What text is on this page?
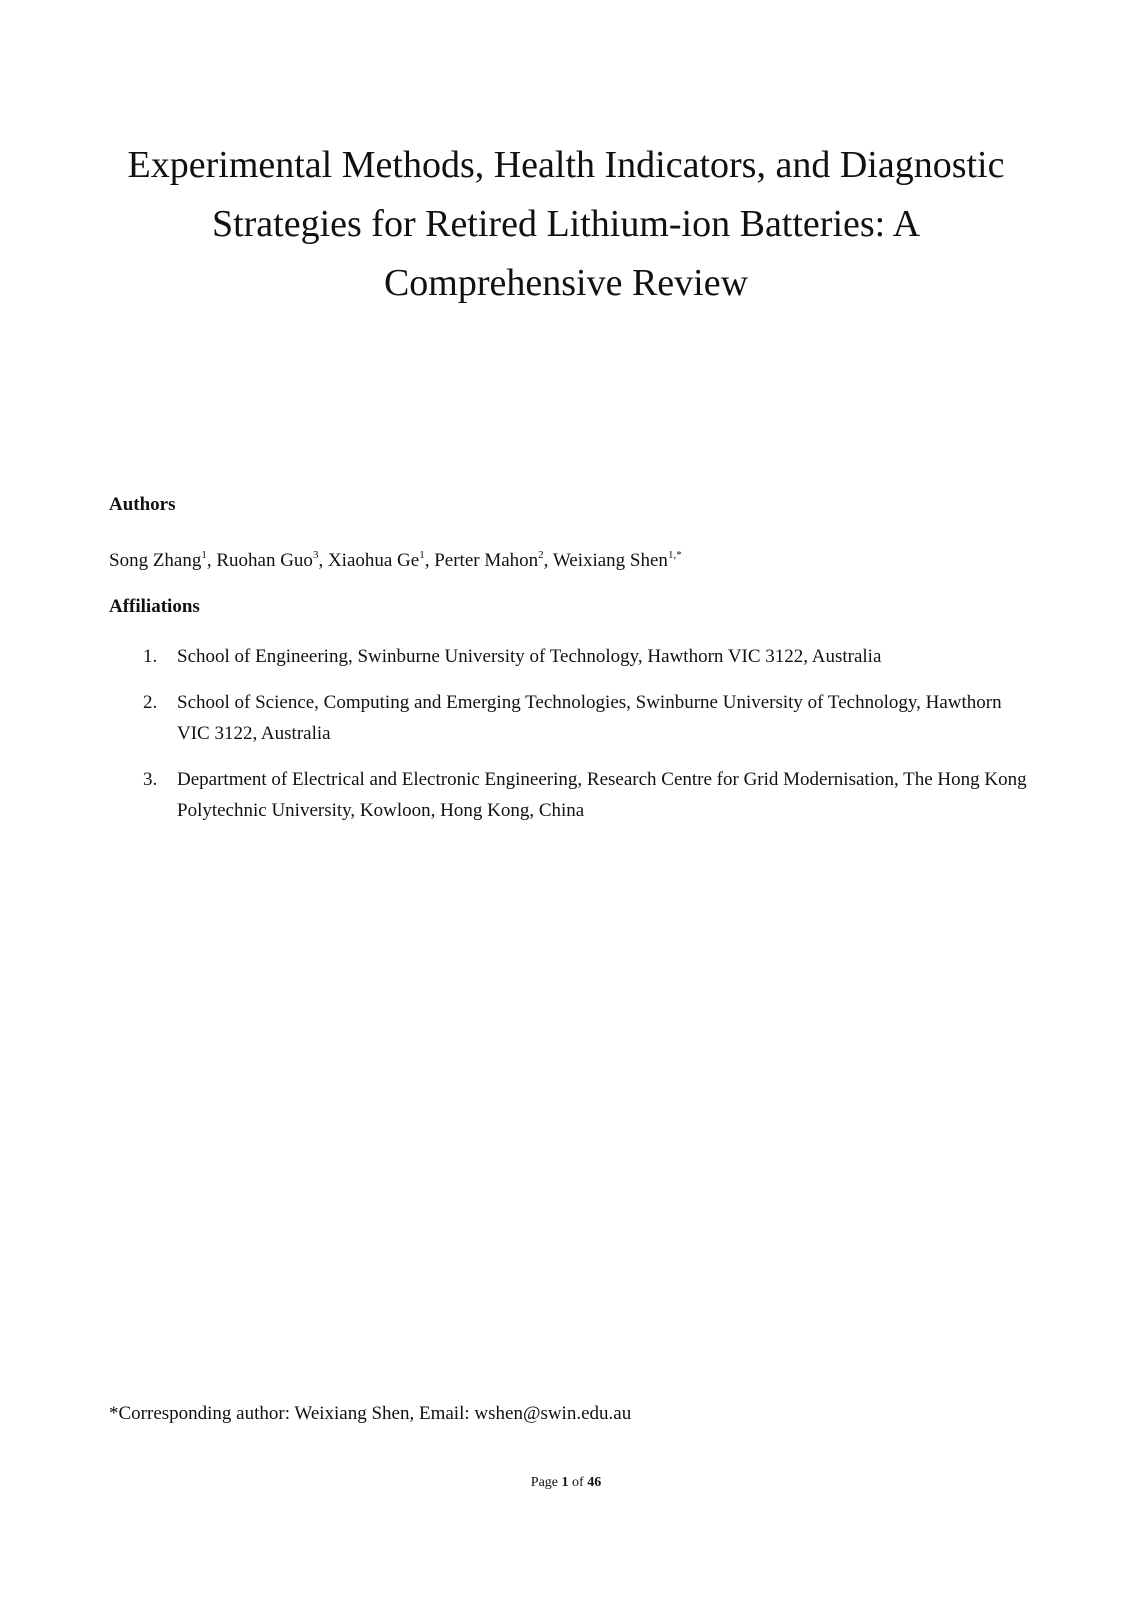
Experimental Methods, Health Indicators, and Diagnostic
Strategies for Retired Lithium-ion Batteries: A
Comprehensive Review

Authors

Song Zhang$^1$, Ruohan Guo$^3$, Xiaohua Ge$^1$, Perter Mahon$^2$, Weixiang Shen$^{1,*}$

Affiliations

1. School of Engineering, Swinburne University of Technology, Hawthorn VIC 3122, Australia
2. School of Science, Computing and Emerging Technologies, Swinburne University of Technology, Hawthorn VIC 3122, Australia
3. Department of Electrical and Electronic Engineering, Research Centre for Grid Modernisation, The Hong Kong Polytechnic University, Kowloon, Hong Kong, China

*Corresponding author: Weixiang Shen, Email: wshen@swin.edu.au

Page 1 of 46
